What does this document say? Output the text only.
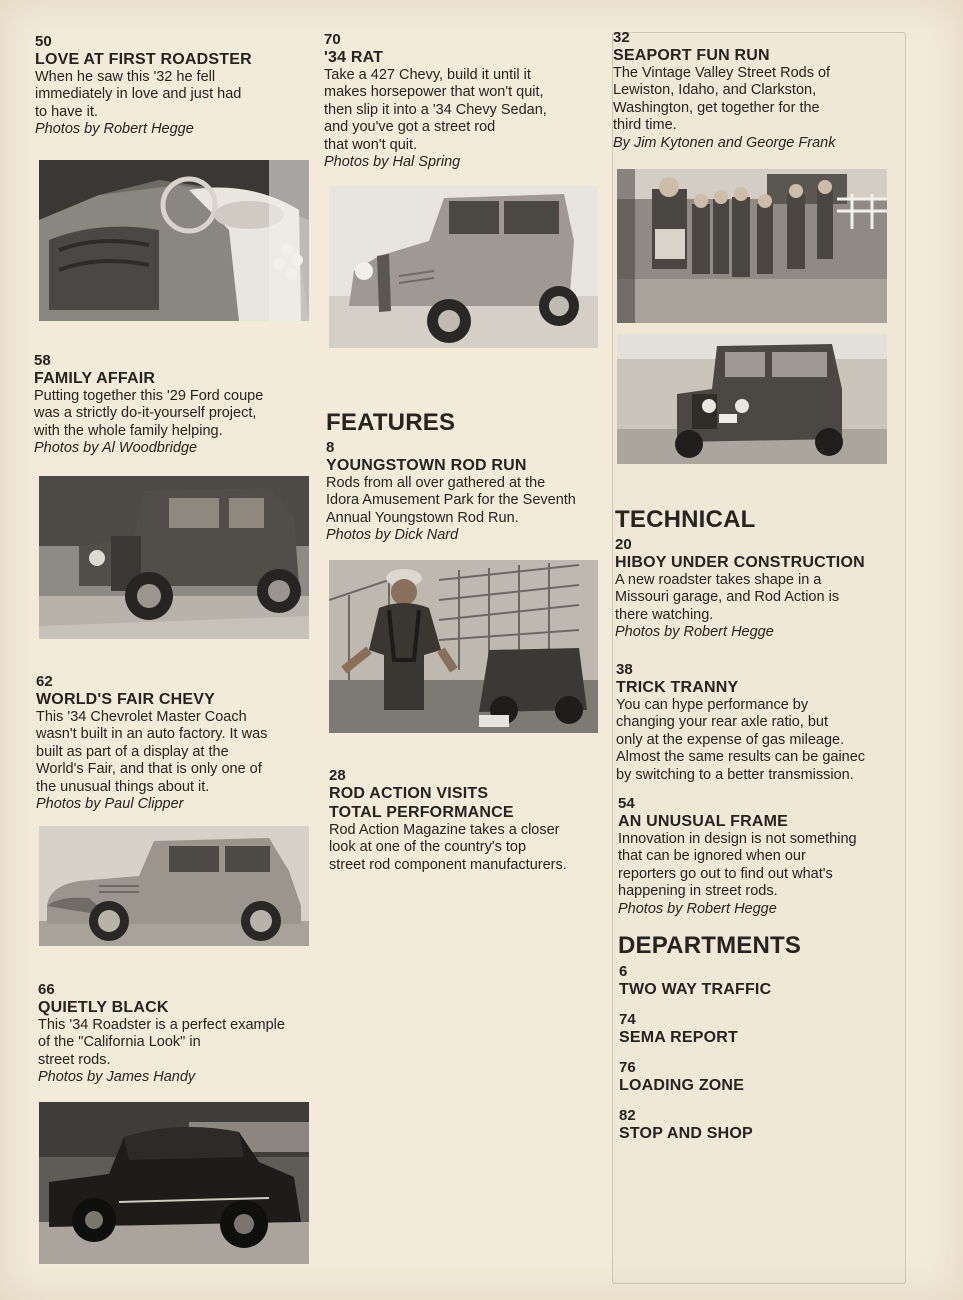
50
LOVE AT FIRST ROADSTER
When he saw this '32 he fell
immediately in love and just had
to have it.
Photos by Robert Hegge
58
FAMILY AFFAIR
Putting together this '29 Ford coupe
was a strictly do-it-yourself project,
with the whole family helping.
Photos by Al Woodbridge
62
WORLD'S FAIR CHEVY
This '34 Chevrolet Master Coach
wasn't built in an auto factory. It was
built as part of a display at the
World's Fair, and that is only one of
the unusual things about it.
Photos by Paul Clipper
66
QUIETLY BLACK
This '34 Roadster is a perfect example
of the "California Look" in
street rods.
Photos by James Handy
70
'34 RAT
Take a 427 Chevy, build it until it
makes horsepower that won't quit,
then slip it into a '34 Chevy Sedan,
and you've got a street rod
that won't quit.
Photos by Hal Spring
FEATURES
8
YOUNGSTOWN ROD RUN
Rods from all over gathered at the
Idora Amusement Park for the Seventh
Annual Youngstown Rod Run.
Photos by Dick Nard
28
ROD ACTION VISITS
TOTAL PERFORMANCE
Rod Action Magazine takes a closer
look at one of the country's top
street rod component manufacturers.
32
SEAPORT FUN RUN
The Vintage Valley Street Rods of
Lewiston, Idaho, and Clarkston,
Washington, get together for the
third time.
By Jim Kytonen and George Frank
TECHNICAL
20
HIBOY UNDER CONSTRUCTION
A new roadster takes shape in a
Missouri garage, and Rod Action is
there watching.
Photos by Robert Hegge
38
TRICK TRANNY
You can hype performance by
changing your rear axle ratio, but
only at the expense of gas mileage.
Almost the same results can be gainec
by switching to a better transmission.
54
AN UNUSUAL FRAME
Innovation in design is not something
that can be ignored when our
reporters go out to find out what's
happening in street rods.
Photos by Robert Hegge
DEPARTMENTS
6
TWO WAY TRAFFIC
74
SEMA REPORT
76
LOADING ZONE
82
STOP AND SHOP
